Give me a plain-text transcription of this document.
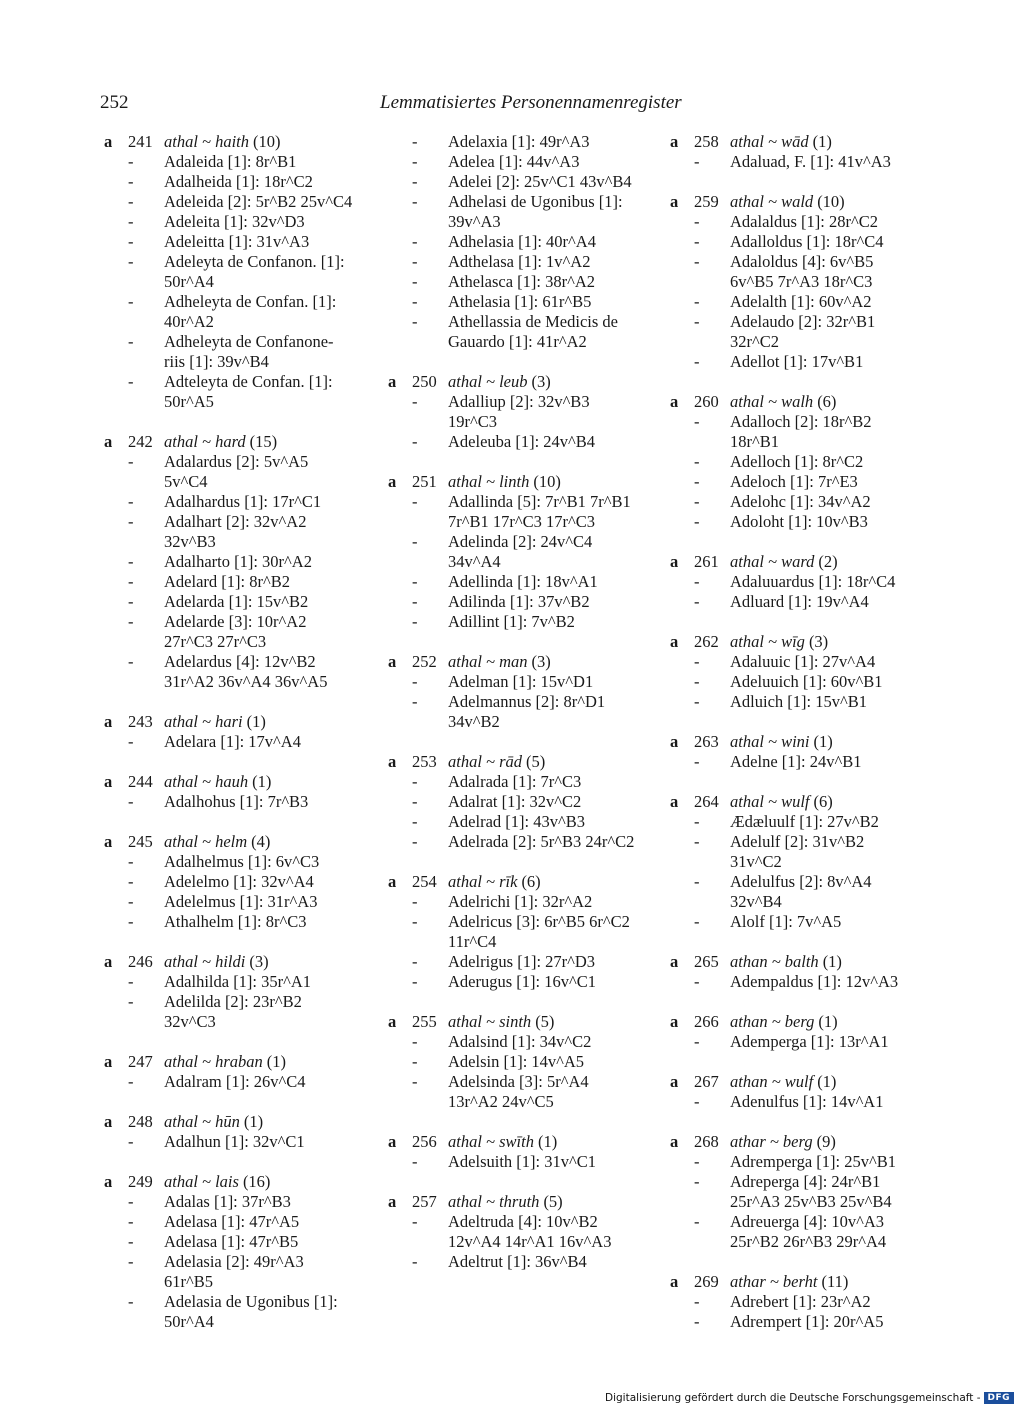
252	Lemmatisiertes Personennamenregister
a 241 athal ~ haith (10)
-	Adaleida [1]: 8r^B1
-	Adalheida [1]: 18r^C2
-	Adeleida [2]: 5r^B2 25v^C4
-	Adeleita [1]: 32v^D3
-	Adeleitta [1]: 31v^A3
-	Adeleyta de Confanon. [1]: 50r^A4
-	Adheleyta de Confan. [1]: 40r^A2
-	Adheleyta de Confanone-riis [1]: 39v^B4
-	Adteleyta de Confan. [1]: 50r^A5
a 242 athal ~ hard (15)
-	Adalardus [2]: 5v^A5 5v^C4
-	Adalhardus [1]: 17r^C1
-	Adalhart [2]: 32v^A2 32v^B3
-	Adalharto [1]: 30r^A2
-	Adelard [1]: 8r^B2
-	Adelarda [1]: 15v^B2
-	Adelarde [3]: 10r^A2 27r^C3 27r^C3
-	Adelardus [4]: 12v^B2 31r^A2 36v^A4 36v^A5
a 243 athal ~ hari (1)
-	Adelara [1]: 17v^A4
a 244 athal ~ hauh (1)
-	Adalhohus [1]: 7r^B3
a 245 athal ~ helm (4)
-	Adalhelmus [1]: 6v^C3
-	Adelelmo [1]: 32v^A4
-	Adelelmus [1]: 31r^A3
-	Athalhelm [1]: 8r^C3
a 246 athal ~ hildi (3)
-	Adalhilda [1]: 35r^A1
-	Adelilda [2]: 23r^B2 32v^C3
a 247 athal ~ hraban (1)
-	Adalram [1]: 26v^C4
a 248 athal ~ hūn (1)
-	Adalhun [1]: 32v^C1
a 249 athal ~ lais (16)
-	Adalas [1]: 37r^B3
-	Adelasa [1]: 47r^A5
-	Adelasa [1]: 47r^B5
-	Adelasia [2]: 49r^A3 61r^B5
-	Adelasia de Ugonibus [1]: 50r^A4
-	Adelaxia [1]: 49r^A3
-	Adelea [1]: 44v^A3
-	Adelei [2]: 25v^C1 43v^B4
-	Adhelasi de Ugonibus [1]: 39v^A3
-	Adhelasia [1]: 40r^A4
-	Adthelasa [1]: 1v^A2
-	Athelasca [1]: 38r^A2
-	Athelasia [1]: 61r^B5
-	Athellassia de Medicis de Gauardo [1]: 41r^A2
a 250 athal ~ leub (3)
-	Adalliup [2]: 32v^B3 19r^C3
-	Adeleuba [1]: 24v^B4
a 251 athal ~ linth (10)
-	Adallinda [5]: 7r^B1 7r^B1 7r^B1 17r^C3 17r^C3
-	Adelinda [2]: 24v^C4 34v^A4
-	Adellinda [1]: 18v^A1
-	Adilinda [1]: 37v^B2
-	Adillint [1]: 7v^B2
a 252 athal ~ man (3)
-	Adelman [1]: 15v^D1
-	Adelmannus [2]: 8r^D1 34v^B2
a 253 athal ~ rād (5)
-	Adalrada [1]: 7r^C3
-	Adalrat [1]: 32v^C2
-	Adelrad [1]: 43v^B3
-	Adelrada [2]: 5r^B3 24r^C2
a 254 athal ~ rīk (6)
-	Adelrichi [1]: 32r^A2
-	Adelricus [3]: 6r^B5 6r^C2 11r^C4
-	Adelrigus [1]: 27r^D3
-	Aderugus [1]: 16v^C1
a 255 athal ~ sinth (5)
-	Adalsind [1]: 34v^C2
-	Adelsin [1]: 14v^A5
-	Adelsinda [3]: 5r^A4 13r^A2 24v^C5
a 256 athal ~ swīth (1)
-	Adelsuith [1]: 31v^C1
a 257 athal ~ thruth (5)
-	Adeltruda [4]: 10v^B2 12v^A4 14r^A1 16v^A3
-	Adeltrut [1]: 36v^B4
a 258 athal ~ wād (1)
-	Adaluad, F. [1]: 41v^A3
a 259 athal ~ wald (10)
-	Adalaldus [1]: 28r^C2
-	Adalloldus [1]: 18r^C4
-	Adaloldus [4]: 6v^B5 6v^B5 7r^A3 18r^C3
-	Adelalth [1]: 60v^A2
-	Adelaudo [2]: 32r^B1 32r^C2
-	Adellot [1]: 17v^B1
a 260 athal ~ walh (6)
-	Adalloch [2]: 18r^B2 18r^B1
-	Adelloch [1]: 8r^C2
-	Adeloch [1]: 7r^E3
-	Adelohc [1]: 34v^A2
-	Adoloht [1]: 10v^B3
a 261 athal ~ ward (2)
-	Adaluuardus [1]: 18r^C4
-	Adluard [1]: 19v^A4
a 262 athal ~ wīg (3)
-	Adaluuic [1]: 27v^A4
-	Adeluuich [1]: 60v^B1
-	Adluich [1]: 15v^B1
a 263 athal ~ wini (1)
-	Adelne [1]: 24v^B1
a 264 athal ~ wulf (6)
-	Ædæluulf [1]: 27v^B2
-	Adelulf [2]: 31v^B2 31v^C2
-	Adelulfus [2]: 8v^A4 32v^B4
-	Alolf [1]: 7v^A5
a 265 athan ~ balth (1)
-	Adempaldus [1]: 12v^A3
a 266 athan ~ berg (1)
-	Ademperga [1]: 13r^A1
a 267 athan ~ wulf (1)
-	Adenulfus [1]: 14v^A1
a 268 athar ~ berg (9)
-	Adremperga [1]: 25v^B1
-	Adreperga [4]: 24r^B1 25r^A3 25v^B3 25v^B4
-	Adreuerga [4]: 10v^A3 25r^B2 26r^B3 29r^A4
a 269 athar ~ berht (11)
-	Adrebert [1]: 23r^A2
-	Adrempert [1]: 20r^A5
Digitalisierung gefördert durch die Deutsche Forschungsgemeinschaft - DFG
